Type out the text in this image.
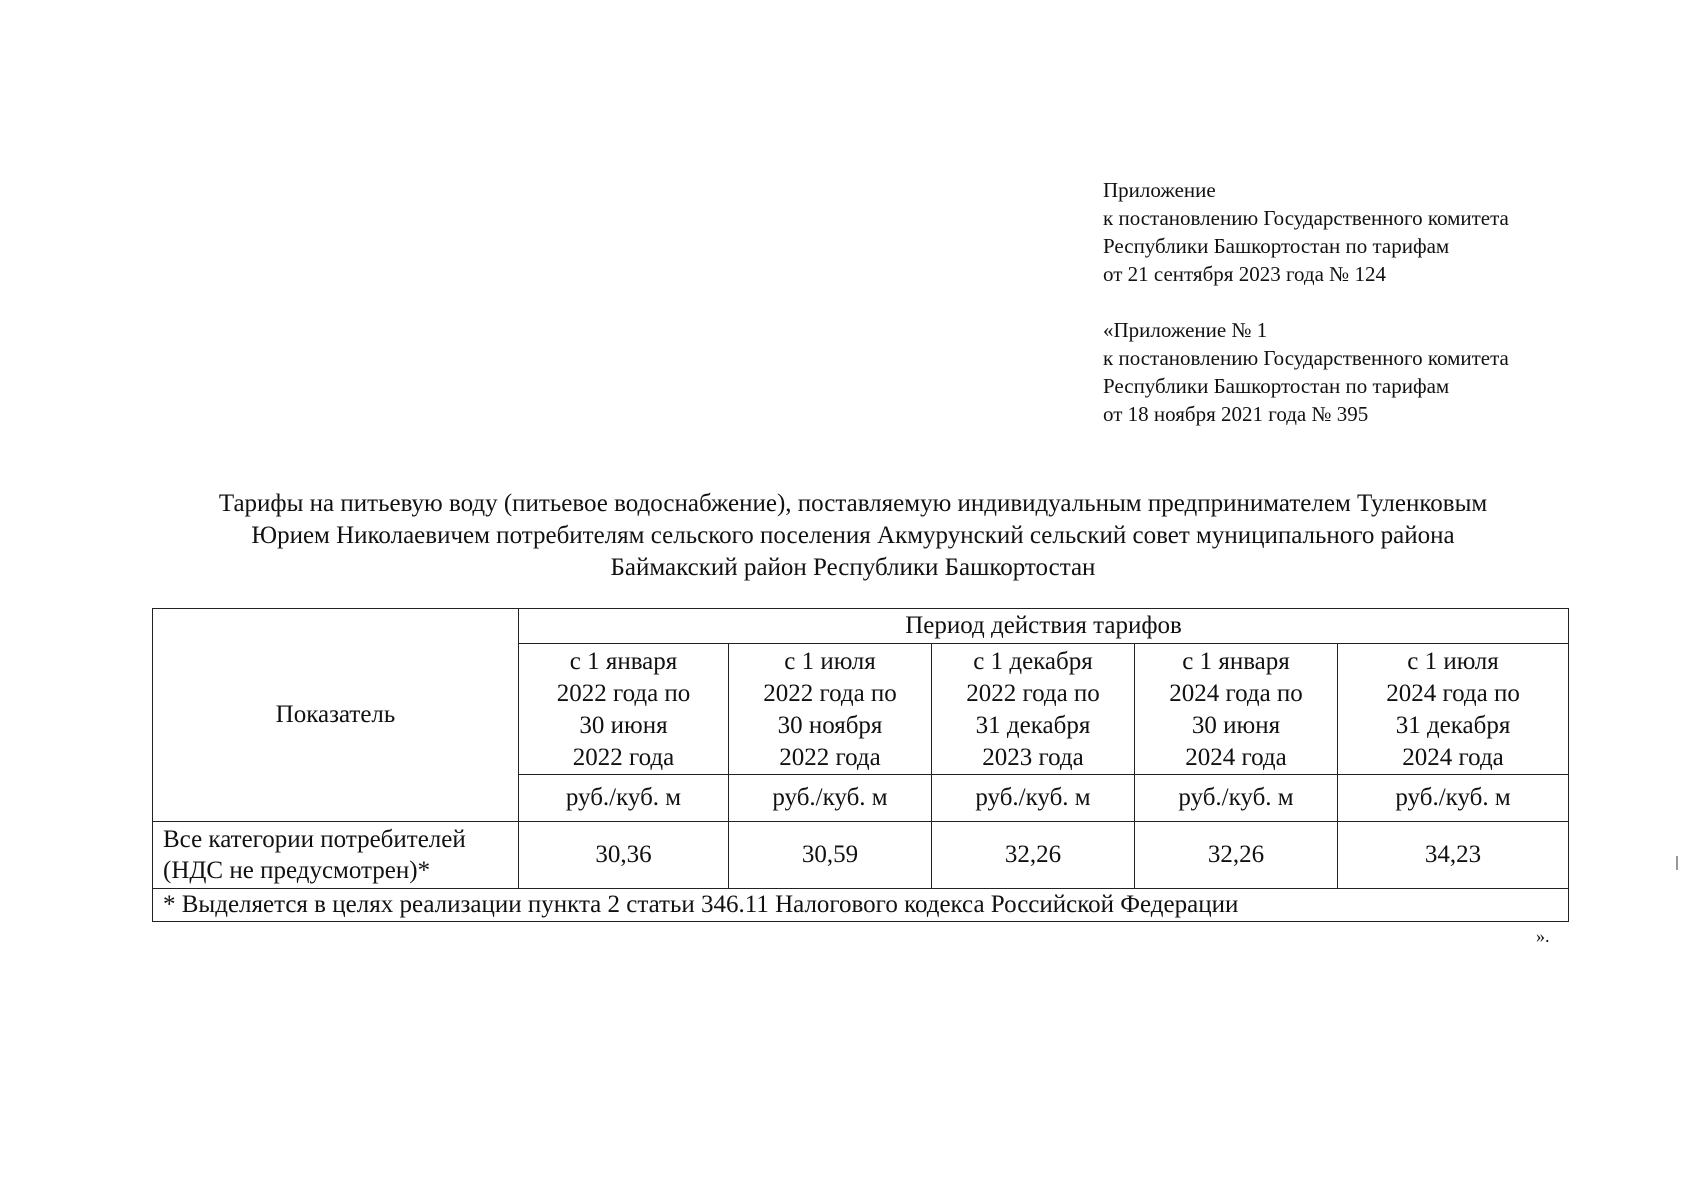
Приложение
к постановлению Государственного комитета
Республики Башкортостан по тарифам
от 21 сентября 2023 года № 124
«Приложение № 1
к постановлению Государственного комитета
Республики Башкортостан по тарифам
от 18 ноября 2021 года № 395
Тарифы на питьевую воду (питьевое водоснабжение), поставляемую индивидуальным предпринимателем Туленковым
Юрием Николаевичем потребителям сельского поселения Акмурунский сельский совет муниципального района
Баймакский район Республики Башкортостан
Показатель	Период действия тарифов				

	с 1 января
2022 года по
30 июня
2022 года	с 1 июля
2022 года по
30 ноября
2022 года	с 1 декабря
2022 года по
31 декабря
2023 года	с 1 января
2024 года по
30 июня
2024 года	с 1 июля
2024 года по
31 декабря
2024 года

	руб./куб. м	руб./куб. м	руб./куб. м	руб./куб. м	руб./куб. м

Все категории потребителей
(НДС не предусмотрен)*	30,36	30,59	32,26	32,26	34,23
* Выделяется в целях реализации пункта 2 статьи 346.11 Налогового кодекса Российской Федерации					
».
